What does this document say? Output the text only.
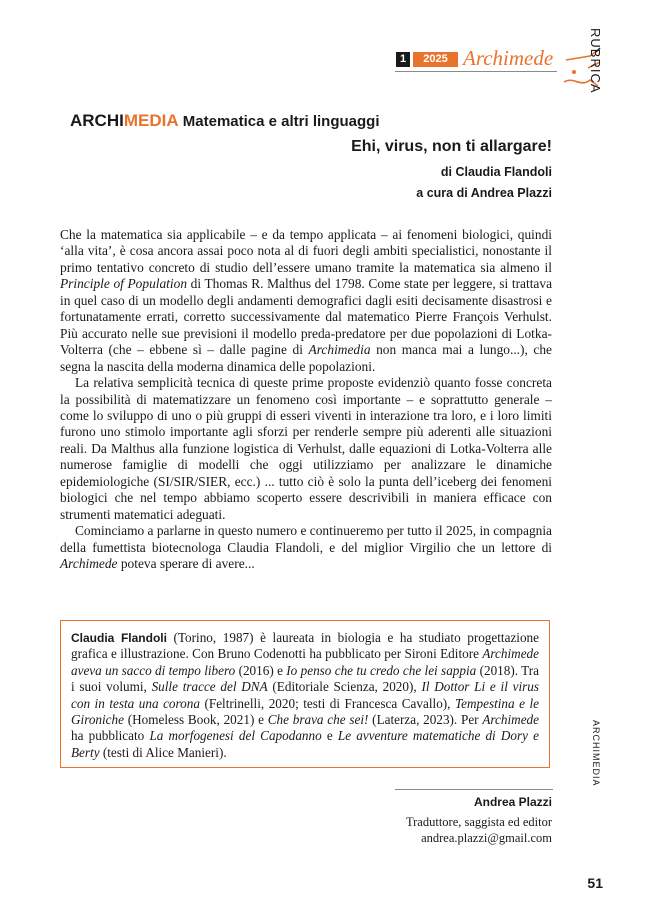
1	2025 Archimede	RUBRICA
ARCHIMEDIA
ARCHIMEDIA Matematica e altri linguaggi
Ehi, virus, non ti allargare!
di Claudia Flandoli
a cura di Andrea Plazzi

Che la matematica sia applicabile – e da tempo applicata – ai fenomeni biologici, quindi ‘alla vita’, è cosa ancora assai poco nota al di fuori degli ambiti specialistici, nonostante il primo tentativo concreto di studio dell’essere umano tramite la matematica sia almeno il Principle of Population di Thomas R. Malthus del 1798. Come state per leggere, si trattava in quel caso di un modello degli andamenti demografici dagli esiti decisamente disastrosi e fortunatamente errati, corretto successivamente dal matematico Pierre François Verhulst. Più accurato nelle sue previsioni il modello preda-predatore per due popolazioni di Lotka-Volterra (che – ebbene sì – dalle pagine di Archimedia non manca mai a lungo...), che segna la nascita della moderna dinamica delle popolazioni.

La relativa semplicità tecnica di queste prime proposte evidenziò quanto fosse concreta la possibilità di matematizzare un fenomeno così importante – e soprattutto generale – come lo sviluppo di uno o più gruppi di esseri viventi in interazione tra loro, e i loro limiti furono uno stimolo importante agli sforzi per renderle sempre più aderenti alle situazioni reali. Da Malthus alla funzione logistica di Verhulst, dalle equazioni di Lotka-Volterra alle numerose famiglie di modelli che oggi utilizziamo per analizzare le dinamiche epidemiologiche (SI/SIR/SIER, ecc.) ... tutto ciò è solo la punta dell’iceberg dei fenomeni biologici che nel tempo abbiamo scoperto essere descrivibili in maniera efficace con strumenti matematici adeguati.

Cominciamo a parlarne in questo numero e continueremo per tutto il 2025, in compagnia della fumettista biotecnologa Claudia Flandoli, e del miglior Virgilio che un lettore di Archimede poteva sperare di avere...

Claudia Flandoli (Torino, 1987) è laureata in biologia e ha studiato progettazione grafica e illustrazione. Con Bruno Codenotti ha pubblicato per Sironi Editore Archimede aveva un sacco di tempo libero (2016) e Io penso che tu credo che lei sappia (2018). Tra i suoi volumi, Sulle tracce del DNA (Editoriale Scienza, 2020), Il Dottor Li e il virus con in testa una corona (Feltrinelli, 2020; testi di Francesca Cavallo), Tempestina e le Gironiche (Homeless Book, 2021) e Che brava che sei! (Laterza, 2023). Per Archimede ha pubblicato La morfogenesi del Capodanno e Le avventure matematiche di Dory e Berty (testi di Alice Manieri).
Andrea Plazzi
Traduttore, saggista ed editor
andrea.plazzi@gmail.com
51
